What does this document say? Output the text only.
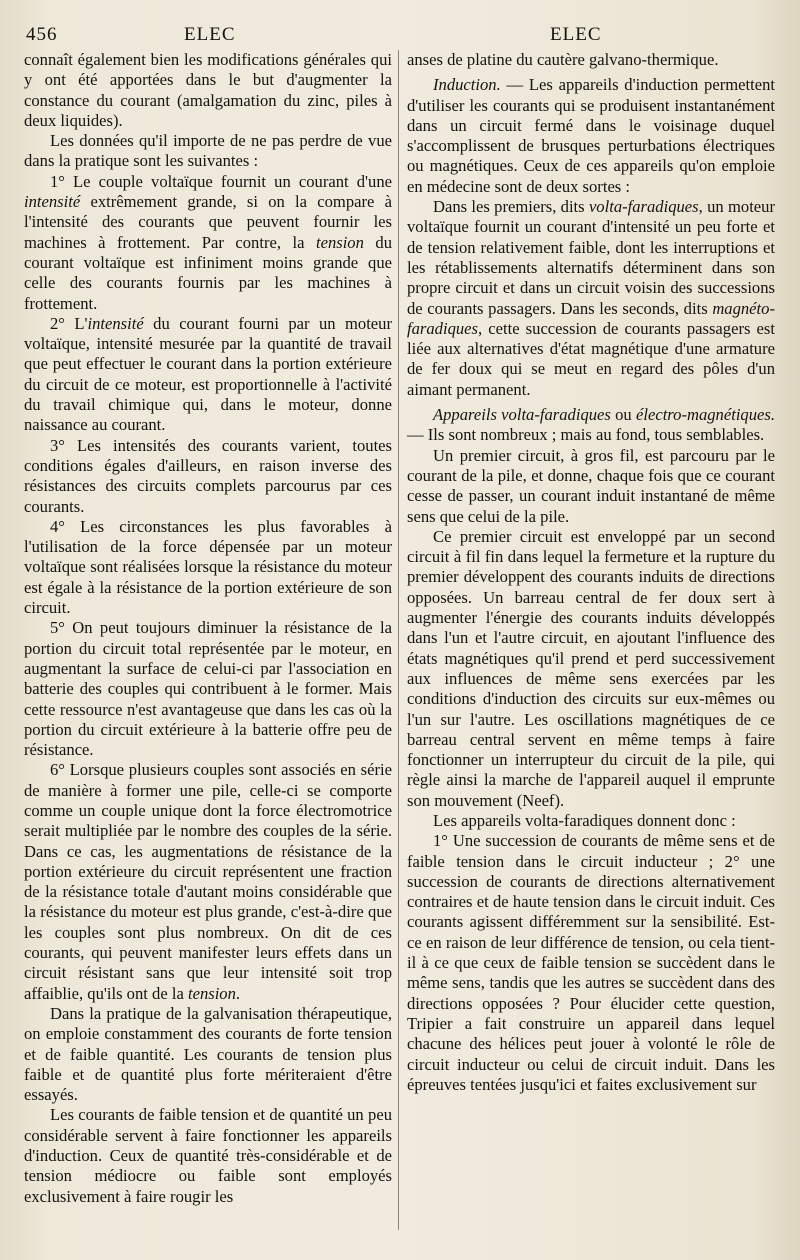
456	ELEC	ELEC

connaît également bien les modifications générales qui y ont été apportées dans le but d'augmenter la constance du courant (amalgamation du zinc, piles à deux liquides).

Les données qu'il importe de ne pas perdre de vue dans la pratique sont les suivantes :

1° Le couple voltaïque fournit un courant d'une intensité extrêmement grande, si on la compare à l'intensité des courants que peuvent fournir les machines à frottement. Par contre, la tension du courant voltaïque est infiniment moins grande que celle des courants fournis par les machines à frottement.

2° L'intensité du courant fourni par un moteur voltaïque, intensité mesurée par la quantité de travail que peut effectuer le courant dans la portion extérieure du circuit de ce moteur, est proportionnelle à l'activité du travail chimique qui, dans le moteur, donne naissance au courant.

3° Les intensités des courants varient, toutes conditions égales d'ailleurs, en raison inverse des résistances des circuits complets parcourus par ces courants.

4° Les circonstances les plus favorables à l'utilisation de la force dépensée par un moteur voltaïque sont réalisées lorsque la résistance du moteur est égale à la résistance de la portion extérieure de son circuit.

5° On peut toujours diminuer la résistance de la portion du circuit total représentée par le moteur, en augmentant la surface de celui-ci par l'association en batterie des couples qui contribuent à le former. Mais cette ressource n'est avantageuse que dans les cas où la portion du circuit extérieure à la batterie offre peu de résistance.

6° Lorsque plusieurs couples sont associés en série de manière à former une pile, celle-ci se comporte comme un couple unique dont la force électromotrice serait multipliée par le nombre des couples de la série. Dans ce cas, les augmentations de résistance de la portion extérieure du circuit représentent une fraction de la résistance totale d'autant moins considérable que la résistance du moteur est plus grande, c'est-à-dire que les couples sont plus nombreux. On dit de ces courants, qui peuvent manifester leurs effets dans un circuit résistant sans que leur intensité soit trop affaiblie, qu'ils ont de la tension.

Dans la pratique de la galvanisation thérapeutique, on emploie constamment des courants de forte tension et de faible quantité. Les courants de tension plus faible et de quantité plus forte mériteraient d'être essayés.

Les courants de faible tension et de quantité un peu considérable servent à faire fonctionner les appareils d'induction. Ceux de quantité très-considérable et de tension médiocre ou faible sont employés exclusivement à faire rougir les

anses de platine du cautère galvano-thermique.

Induction. — Les appareils d'induction permettent d'utiliser les courants qui se produisent instantanément dans un circuit fermé dans le voisinage duquel s'accomplissent de brusques perturbations électriques ou magnétiques. Ceux de ces appareils qu'on emploie en médecine sont de deux sortes :

Dans les premiers, dits volta-faradiques, un moteur voltaïque fournit un courant d'intensité un peu forte et de tension relativement faible, dont les interruptions et les rétablissements alternatifs déterminent dans son propre circuit et dans un circuit voisin des successions de courants passagers. Dans les seconds, dits magnéto-faradiques, cette succession de courants passagers est liée aux alternatives d'état magnétique d'une armature de fer doux qui se meut en regard des pôles d'un aimant permanent.

Appareils volta-faradiques ou électro-magnétiques. — Ils sont nombreux ; mais au fond, tous semblables.

Un premier circuit, à gros fil, est parcouru par le courant de la pile, et donne, chaque fois que ce courant cesse de passer, un courant induit instantané de même sens que celui de la pile.

Ce premier circuit est enveloppé par un second circuit à fil fin dans lequel la fermeture et la rupture du premier développent des courants induits de directions opposées. Un barreau central de fer doux sert à augmenter l'énergie des courants induits développés dans l'un et l'autre circuit, en ajoutant l'influence des états magnétiques qu'il prend et perd successivement aux influences de même sens exercées par les conditions d'induction des circuits sur eux-mêmes ou l'un sur l'autre. Les oscillations magnétiques de ce barreau central servent en même temps à faire fonctionner un interrupteur du circuit de la pile, qui règle ainsi la marche de l'appareil auquel il emprunte son mouvement (Neef).

Les appareils volta-faradiques donnent donc :

1° Une succession de courants de même sens et de faible tension dans le circuit inducteur ; 2° une succession de courants de directions alternativement contraires et de haute tension dans le circuit induit. Ces courants agissent différemment sur la sensibilité. Est-ce en raison de leur différence de tension, ou cela tient-il à ce que ceux de faible tension se succèdent dans le même sens, tandis que les autres se succèdent dans des directions opposées ? Pour élucider cette question, Tripier a fait construire un appareil dans lequel chacune des hélices peut jouer à volonté le rôle de circuit inducteur ou celui de circuit induit. Dans les épreuves tentées jusqu'ici et faites exclusivement sur
